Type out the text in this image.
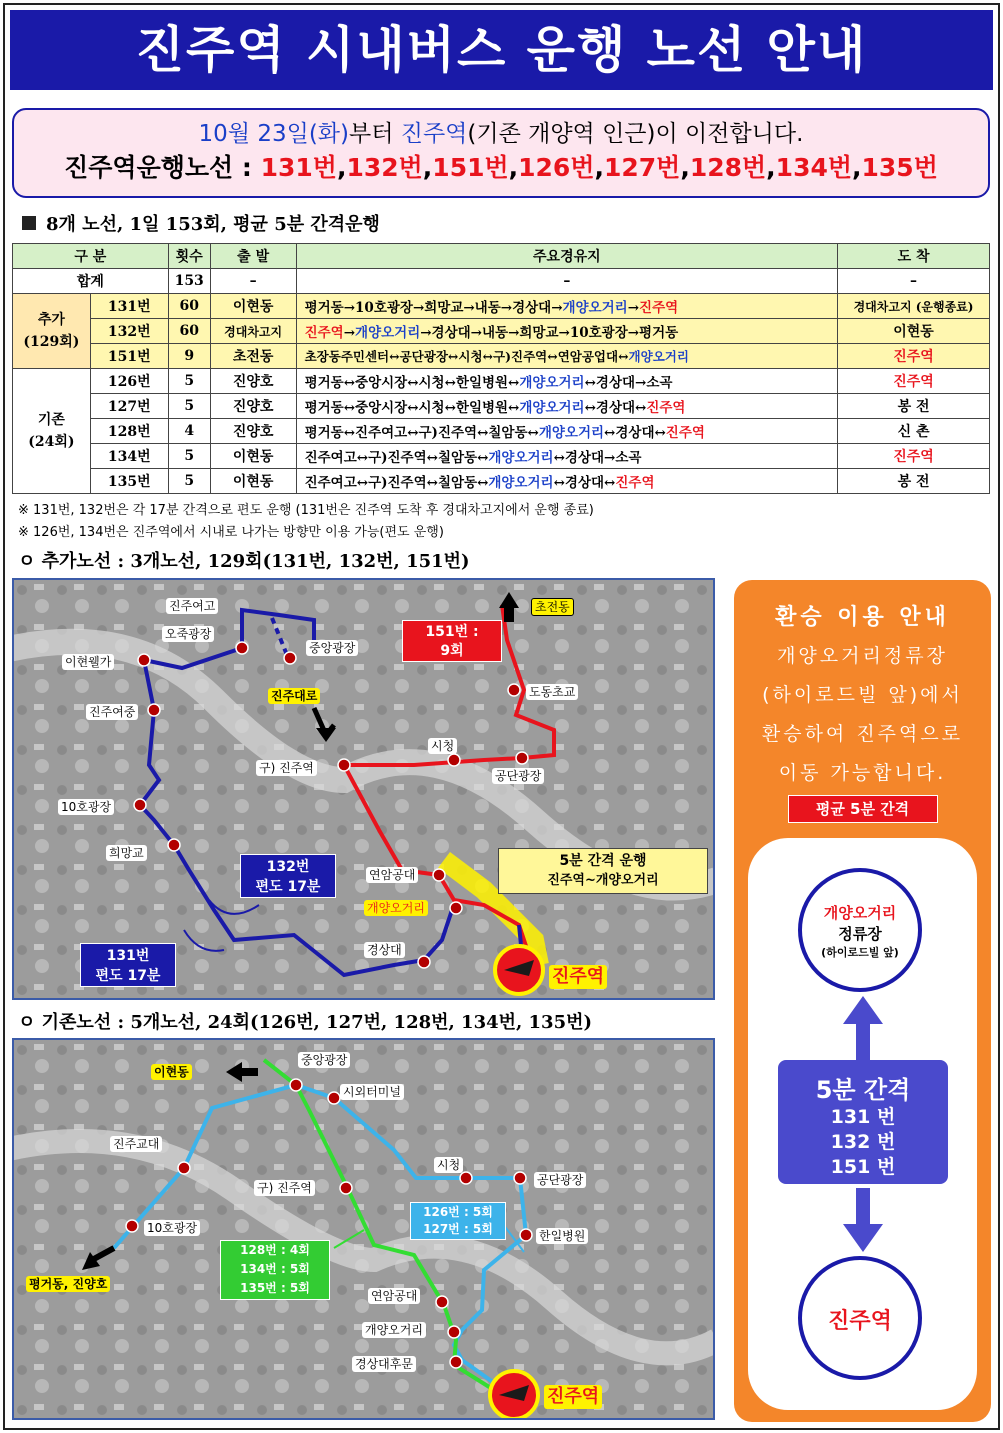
진주역 시내버스 운행 노선 안내
10월 23일(화)부터 진주역(기존 개양역 인근)이 이전합니다.
진주역운행노선 : 131번,132번,151번,126번,127번,128번,134번,135번
8개 노선, 1일 153회, 평균 5분 간격운행
구 분		횟수	출 발	주요경유지	도 착
합계		153	–	–	–
추가
(129회)	131번	60	이현동	평거동→10호광장→희망교→내동→경상대→개양오거리→진주역	경대차고지 (운행종료)
	132번	60	경대차고지	진주역→개양오거리→경상대→내동→희망교→10호광장→평거동	이현동
	151번	9	초전동	초장동주민센터↔공단광장↔시청↔구)진주역↔연암공업대↔개양오거리	진주역
기존
(24회)	126번	5	진양호	평거동↔중앙시장↔시청↔한일병원↔개양오거리↔경상대→소곡	진주역
	127번	5	진양호	평거동↔중앙시장↔시청↔한일병원↔개양오거리↔경상대↔진주역	봉 전
	128번	4	진양호	평거동↔진주여고↔구)진주역↔칠암동↔개양오거리↔경상대↔진주역	신 촌
	134번	5	이현동	진주여고↔구)진주역↔칠암동↔개양오거리↔경상대→소곡	진주역
	135번	5	이현동	진주여고↔구)진주역↔칠암동↔개양오거리↔경상대↔진주역	봉 전
※ 131번, 132번은 각 17분 간격으로 편도 운행 (131번은 진주역 도착 후 경대차고지에서 운행 종료)
※ 126번, 134번은 진주역에서 시내로 나가는 방향만 이용 가능(편도 운행)
ㅇ 추가노선 : 3개노선, 129회(131번, 132번, 151번)
진주여고
오죽광장
중앙광장
이현웰가
진주여중
구) 진주역
시청
공단광장
도동초교
초전동
10호광장
희망교
연암공대
개양오거리
경상대
진주역
진주대로
151번 :
9회
132번
편도 17분
131번
편도 17분
5분 간격 운행
진주역~개양오거리
ㅇ 기존노선 : 5개노선, 24회(126번, 127번, 128번, 134번, 135번)
이현동
중앙광장
시외터미널
진주교대
구) 진주역
시청
공단광장
10호광장
한일병원
평거동, 진양호
연암공대
개양오거리
경상대후문
진주역
128번 : 4회
134번 : 5회
135번 : 5회
126번 : 5회
127번 : 5회
환승 이용 안내
개양오거리정류장
(하이로드빌 앞)에서
환승하여 진주역으로
이동 가능합니다.
평균 5분 간격
개양오거리
정류장
(하이로드빌 앞)
5분 간격
131 번
132 번
151 번
진주역
